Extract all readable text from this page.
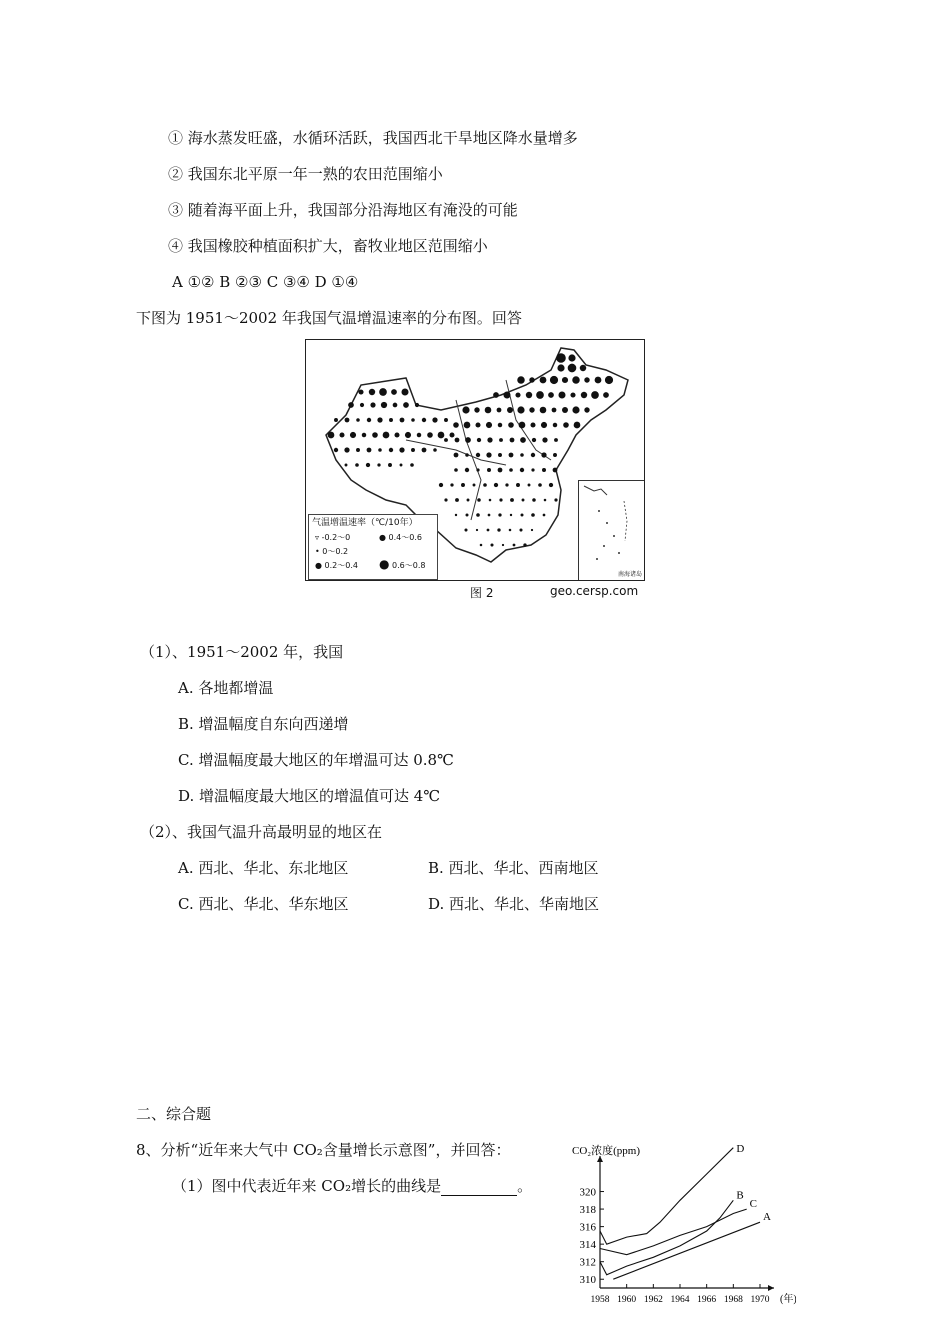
① 海水蒸发旺盛，水循环活跃，我国西北干旱地区降水量增多
② 我国东北平原一年一熟的农田范围缩小
③ 随着海平面上升，我国部分沿海地区有淹没的可能
④ 我国橡胶种植面积扩大，畜牧业地区范围缩小
A ①② B ②③ C ③④ D ①④
下图为 1951～2002 年我国气温增温速率的分布图。回答
气温增温速率（℃/10年）
▿ -0.2～0
• 0～0.2
● 0.2～0.4
● 0.4～0.6
● 0.6～0.8
南海诸岛
图 2	geo.cersp.com
（1）、1951～2002 年，我国
A. 各地都增温
B. 增温幅度自东向西递增
C. 增温幅度最大地区的年增温可达 0.8℃
D. 增温幅度最大地区的增温值可达 4℃
（2）、我国气温升高最明显的地区在
A. 西北、华北、东北地区	B. 西北、华北、西南地区
C. 西北、华北、华东地区	D. 西北、华北、华南地区
二、综合题
8、分析“近年来大气中 CO₂含量增长示意图”，并回答：
（1）图中代表近年来 CO₂增长的曲线是	。
CO₂浓度(ppm)
310
312
314
316
318
320
1958 1960 1962 1964 1966 1968 1970 (年)
A
B
C
D
